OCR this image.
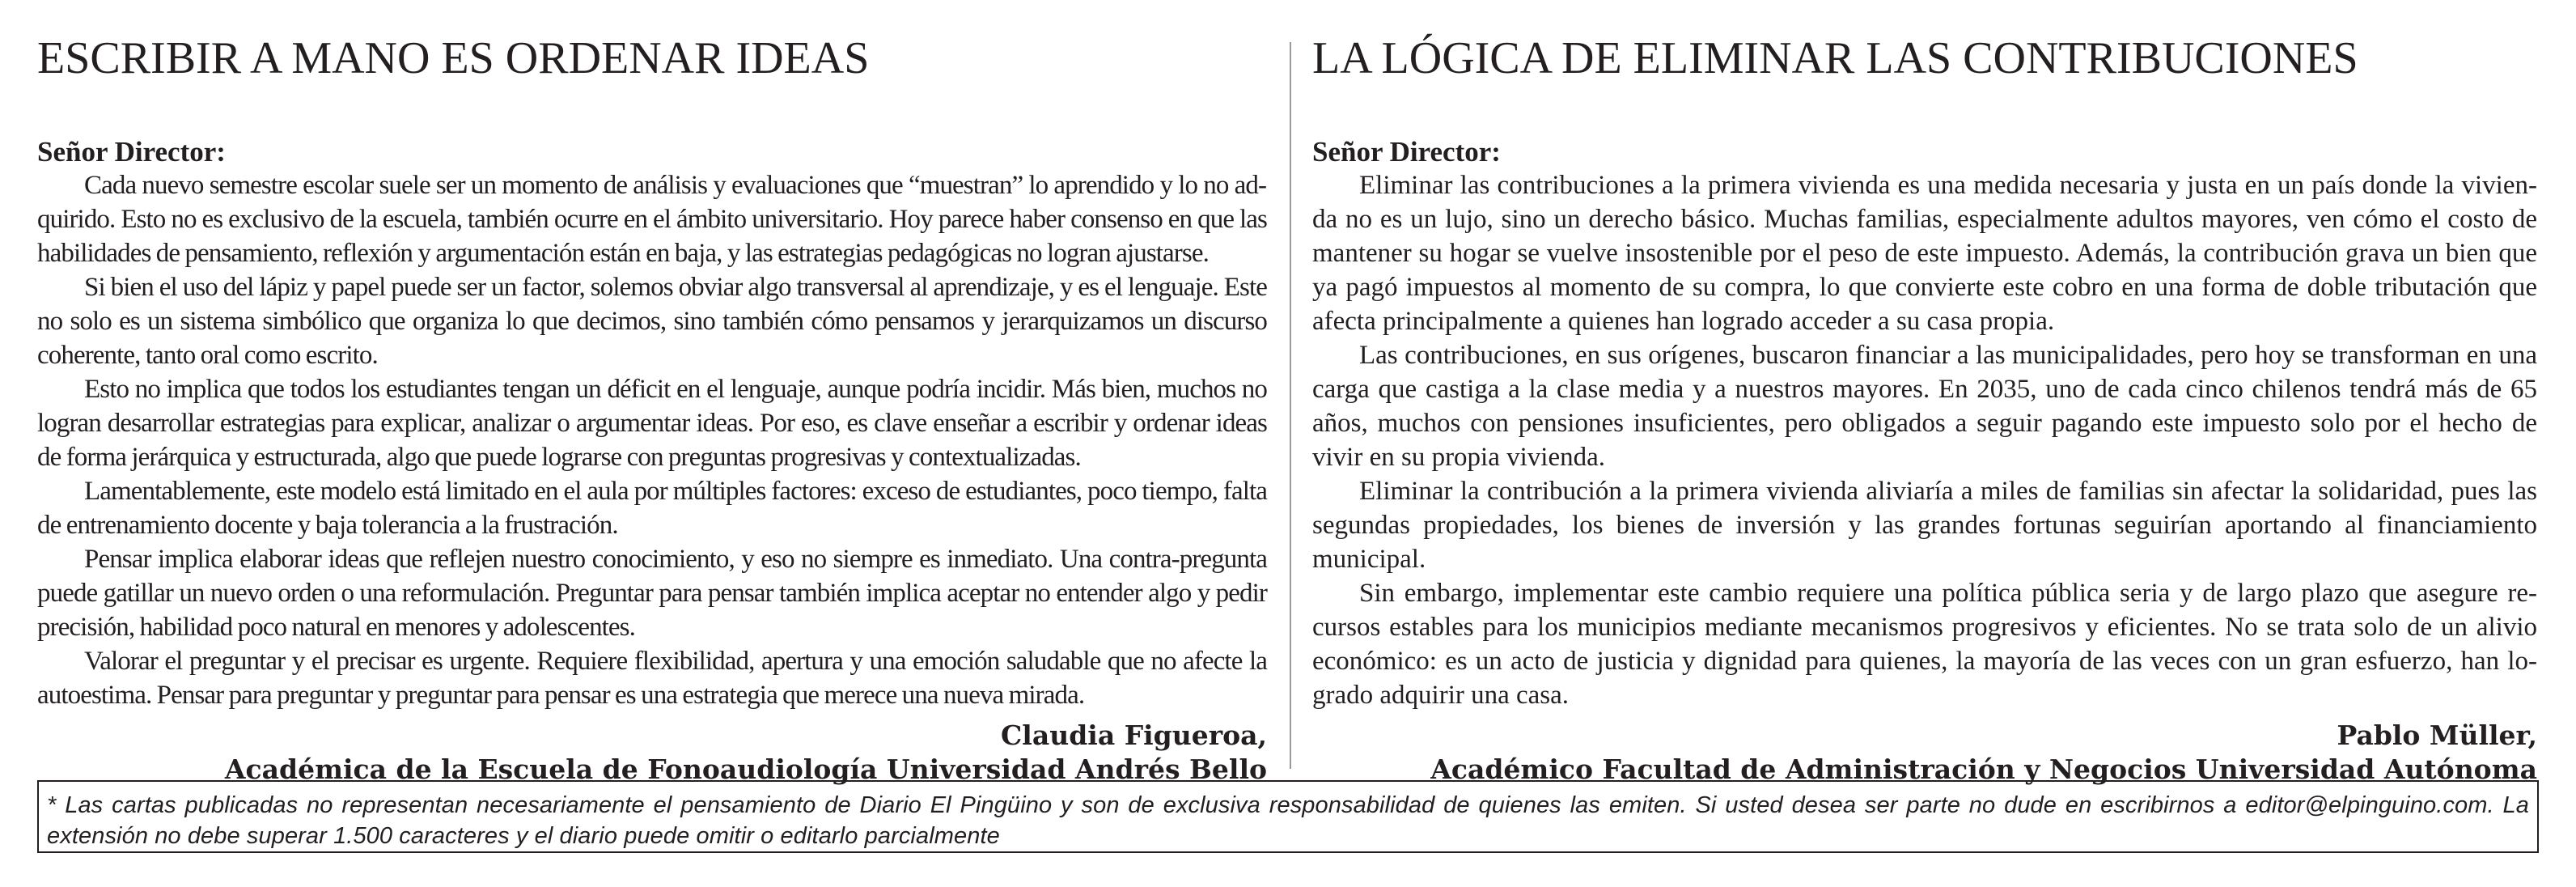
ESCRIBIR A MANO ES ORDENAR IDEAS
Señor Director:

Cada nuevo semestre escolar suele ser un momento de análisis y evaluaciones que “muestran” lo aprendido y lo no adquirido. Esto no es exclusivo de la escuela, también ocurre en el ámbito universitario. Hoy parece haber consenso en que las habilidades de pensamiento, reflexión y argumentación están en baja, y las estrategias pedagógicas no logran ajustarse.

Si bien el uso del lápiz y papel puede ser un factor, solemos obviar algo transversal al aprendizaje, y es el lenguaje. Este no solo es un sistema simbólico que organiza lo que decimos, sino también cómo pensamos y jerarquizamos un discurso coherente, tanto oral como escrito.

Esto no implica que todos los estudiantes tengan un déficit en el lenguaje, aunque podría incidir. Más bien, muchos no logran desarrollar estrategias para explicar, analizar o argumentar ideas. Por eso, es clave enseñar a escribir y ordenar ideas de forma jerárquica y estructurada, algo que puede lograrse con preguntas progresivas y contextualizadas.

Lamentablemente, este modelo está limitado en el aula por múltiples factores: exceso de estudiantes, poco tiempo, falta de entrenamiento docente y baja tolerancia a la frustración.

Pensar implica elaborar ideas que reflejen nuestro conocimiento, y eso no siempre es inmediato. Una contra-pregunta puede gatillar un nuevo orden o una reformulación. Preguntar para pensar también implica aceptar no entender algo y pedir precisión, habilidad poco natural en menores y adolescentes.

Valorar el preguntar y el precisar es urgente. Requiere flexibilidad, apertura y una emoción saludable que no afecte la autoestima. Pensar para preguntar y preguntar para pensar es una estrategia que merece una nueva mirada.

Claudia Figueroa,
Académica de la Escuela de Fonoaudiología Universidad Andrés Bello
LA LÓGICA DE ELIMINAR LAS CONTRIBUCIONES
Señor Director:

Eliminar las contribuciones a la primera vivienda es una medida necesaria y justa en un país donde la vivienda no es un lujo, sino un derecho básico. Muchas familias, especialmente adultos mayores, ven cómo el costo de mantener su hogar se vuelve insostenible por el peso de este impuesto. Además, la contribución grava un bien que ya pagó impuestos al momento de su compra, lo que convierte este cobro en una forma de doble tributación que afecta principalmente a quienes han logrado acceder a su casa propia.

Las contribuciones, en sus orígenes, buscaron financiar a las municipalidades, pero hoy se transforman en una carga que castiga a la clase media y a nuestros mayores. En 2035, uno de cada cinco chilenos tendrá más de 65 años, muchos con pensiones insuficientes, pero obligados a seguir pagando este impuesto solo por el hecho de vivir en su propia vivienda.

Eliminar la contribución a la primera vivienda aliviaría a miles de familias sin afectar la solidaridad, pues las segundas propiedades, los bienes de inversión y las grandes fortunas seguirían aportando al financiamiento municipal.

Sin embargo, implementar este cambio requiere una política pública seria y de largo plazo que asegure recursos estables para los municipios mediante mecanismos progresivos y eficientes. No se trata solo de un alivio económico: es un acto de justicia y dignidad para quienes, la mayoría de las veces con un gran esfuerzo, han logrado adquirir una casa.

Pablo Müller,
Académico Facultad de Administración y Negocios Universidad Autónoma
* Las cartas publicadas no representan necesariamente el pensamiento de Diario El Pingüino y son de exclusiva responsabilidad de quienes las emiten. Si usted desea ser parte no dude en escribirnos a editor@elpinguino.com. La extensión no debe superar 1.500 caracteres y el diario puede omitir o editarlo parcialmente
